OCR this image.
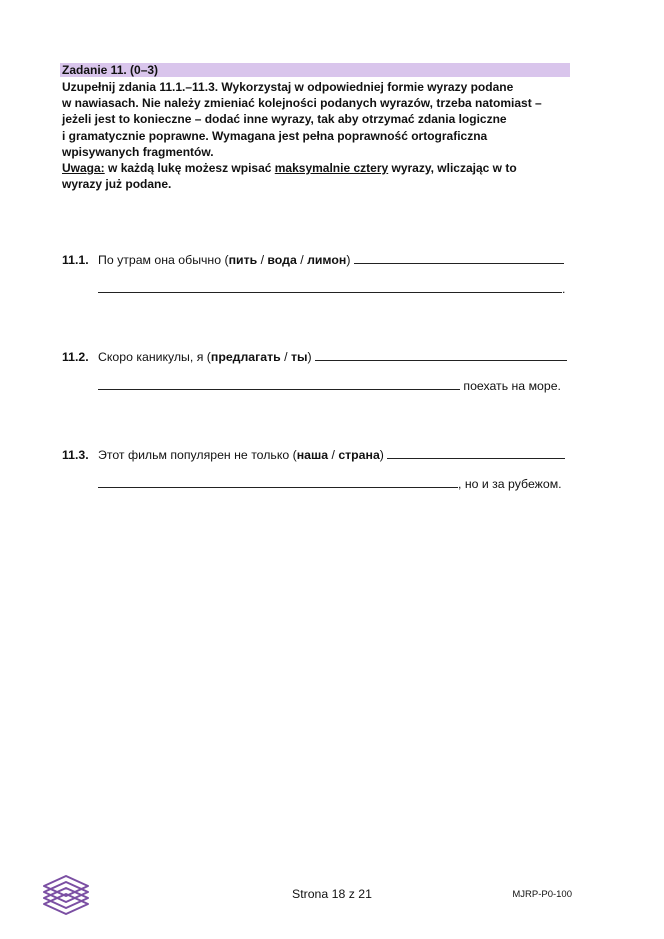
Zadanie 11. (0–3)

Uzupełnij zdania 11.1.–11.3. Wykorzystaj w odpowiedniej formie wyrazy podane

w nawiasach. Nie należy zmieniać kolejności podanych wyrazów, trzeba natomiast –

jeżeli jest to konieczne – dodać inne wyrazy, tak aby otrzymać zdania logiczne

i gramatycznie poprawne. Wymagana jest pełna poprawność ortograficzna

wpisywanych fragmentów.

Uwaga: w każdą lukę możesz wpisać maksymalnie cztery wyrazy, wliczając w to

wyrazy już podane.

11.1. По утрам она обычно (пить / вода / лимон)
.
11.2. Скоро каникулы, я (предлагать / ты)
поехать на море.
11.3. Этот фильм популярен не только (наша / страна)
, но и за рубежом.
Strona 18 z 21	MJRP-P0-100
